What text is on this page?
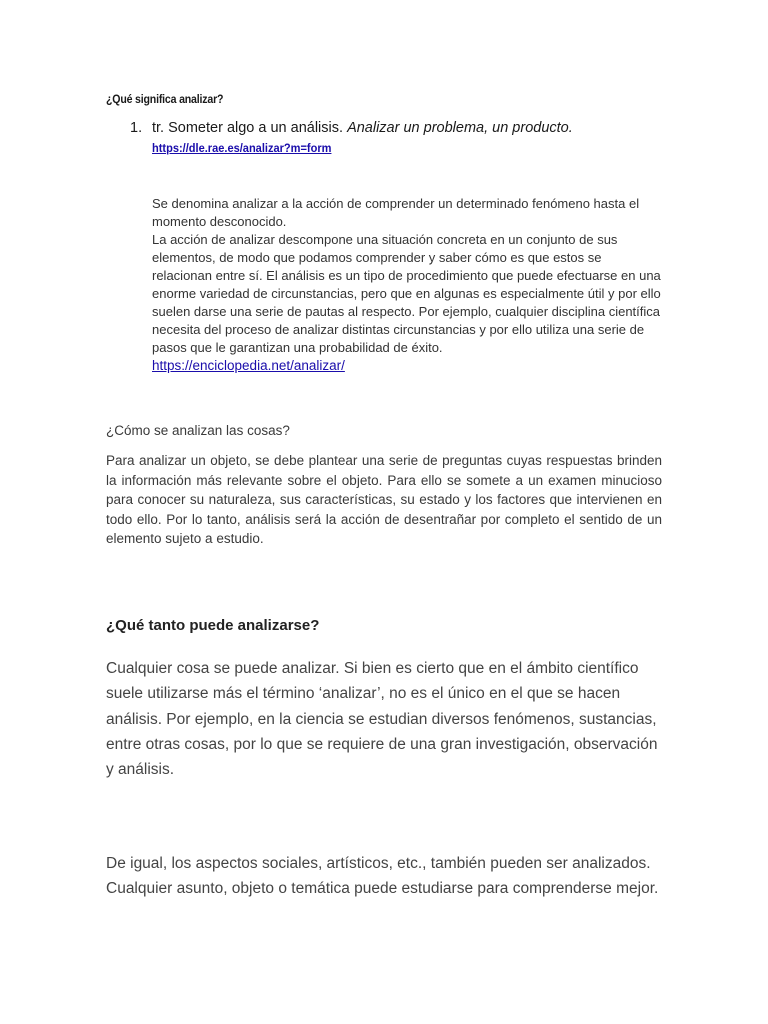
¿Qué significa analizar?
1. tr. Someter algo a un análisis. Analizar un problema, un producto.
https://dle.rae.es/analizar?m=form

Se denomina analizar a la acción de comprender un determinado fenómeno hasta el momento desconocido.

La acción de analizar descompone una situación concreta en un conjunto de sus elementos, de modo que podamos comprender y saber cómo es que estos se relacionan entre sí. El análisis es un tipo de procedimiento que puede efectuarse en una enorme variedad de circunstancias, pero que en algunas es especialmente útil y por ello suelen darse una serie de pautas al respecto. Por ejemplo, cualquier disciplina científica necesita del proceso de analizar distintas circunstancias y por ello utiliza una serie de pasos que le garantizan una probabilidad de éxito.

https://enciclopedia.net/analizar/
¿Cómo se analizan las cosas?

Para analizar un objeto, se debe plantear una serie de preguntas cuyas respuestas brinden la información más relevante sobre el objeto. Para ello se somete a un examen minucioso para conocer su naturaleza, sus características, su estado y los factores que intervienen en todo ello. Por lo tanto, análisis será la acción de desentrañar por completo el sentido de un elemento sujeto a estudio.

¿Qué tanto puede analizarse?

Cualquier cosa se puede analizar. Si bien es cierto que en el ámbito científico suele utilizarse más el término ‘analizar’, no es el único en el que se hacen análisis. Por ejemplo, en la ciencia se estudian diversos fenómenos, sustancias, entre otras cosas, por lo que se requiere de una gran investigación, observación y análisis.

De igual, los aspectos sociales, artísticos, etc., también pueden ser analizados. Cualquier asunto, objeto o temática puede estudiarse para comprenderse mejor.
